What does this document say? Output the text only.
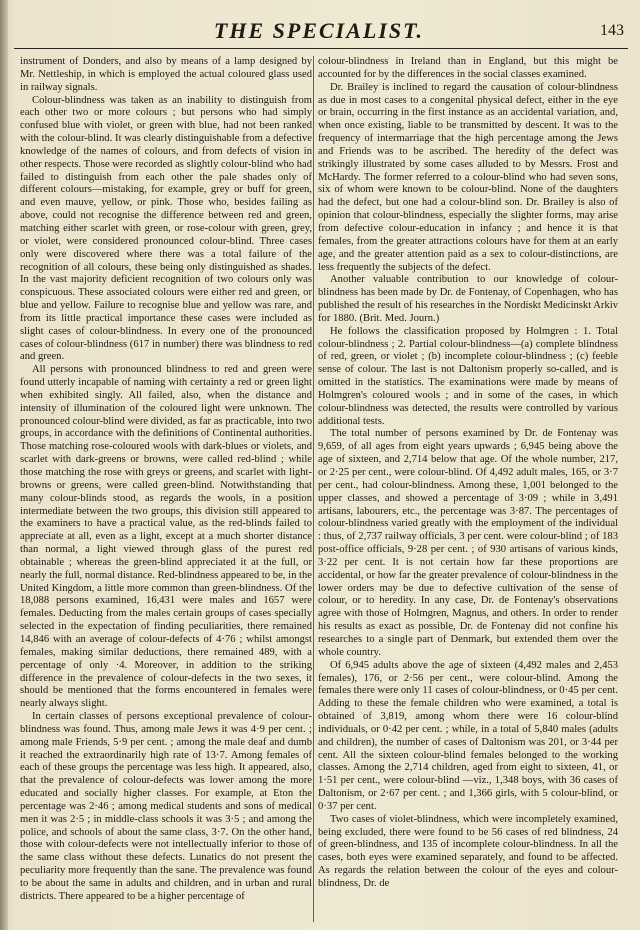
THE SPECIALIST.	143

instrument of Donders, and also by means of a lamp designed by Mr. Nettleship, in which is employed the actual coloured glass used in railway signals.

Colour-blindness was taken as an inability to distinguish from each other two or more colours ; but persons who had simply confused blue with violet, or green with blue, had not been ranked with the colour-blind. It was clearly distinguishable from a defective knowledge of the names of colours, and from defects of vision in other respects. Those were recorded as slightly colour-blind who had failed to distinguish from each other the pale shades only of different colours—mistaking, for example, grey or buff for green, and even mauve, yellow, or pink. Those who, besides failing as above, could not recognise the difference between red and green, matching either scarlet with green, or rose-colour with green, grey, or violet, were considered pronounced colour-blind. Three cases only were discovered where there was a total failure of the recognition of all colours, these being only distinguished as shades. In the vast majority deficient recognition of two colours only was conspicuous. These associated colours were either red and green, or blue and yellow. Failure to recognise blue and yellow was rare, and from its little practical importance these cases were included as slight cases of colour-blindness. In every one of the pronounced cases of colour-blindness (617 in number) there was blindness to red and green.

All persons with pronounced blindness to red and green were found utterly incapable of naming with certainty a red or green light when exhibited singly. All failed, also, when the distance and intensity of illumination of the coloured light were unknown. The pronounced colour-blind were divided, as far as practicable, into two groups, in accordance with the definitions of Continental authorities. Those matching rose-coloured wools with dark-blues or violets, and scarlet with dark-greens or browns, were called red-blind ; while those matching the rose with greys or greens, and scarlet with light-browns or greens, were called green-blind. Notwithstanding that many colour-blinds stood, as regards the wools, in a position intermediate between the two groups, this division still appeared to the examiners to have a practical value, as the red-blinds failed to appreciate at all, even as a light, except at a much shorter distance than normal, a light viewed through glass of the purest red obtainable ; whereas the green-blind appreciated it at the full, or nearly the full, normal distance. Red-blindness appeared to be, in the United Kingdom, a little more common than green-blindness. Of the 18,088 persons examined, 16,431 were males and 1657 were females. Deducting from the males certain groups of cases specially selected in the expectation of finding peculiarities, there remained 14,846 with an average of colour-defects of 4·76 ; whilst amongst females, making similar deductions, there remained 489, with a percentage of only ·4. Moreover, in addition to the striking difference in the prevalence of colour-defects in the two sexes, it should be mentioned that the forms encountered in females were nearly always slight.

In certain classes of persons exceptional prevalence of colour-blindness was found. Thus, among male Jews it was 4·9 per cent. ; among male Friends, 5·9 per cent. ; among the male deaf and dumb it reached the extraordinarily high rate of 13·7. Among females of each of these groups the percentage was less high. It appeared, also, that the prevalence of colour-defects was lower among the more educated and socially higher classes. For example, at Eton the percentage was 2·46 ; among medical students and sons of medical men it was 2·5 ; in middle-class schools it was 3·5 ; and among the police, and schools of about the same class, 3·7. On the other hand, those with colour-defects were not intellectually inferior to those of the same class without these defects. Lunatics do not present the peculiarity more frequently than the sane. The prevalence was found to be about the same in adults and children, and in urban and rural districts. There appeared to be a higher percentage of

colour-blindness in Ireland than in England, but this might be accounted for by the differences in the social classes examined.

Dr. Brailey is inclined to regard the causation of colour-blindness as due in most cases to a congenital physical defect, either in the eye or brain, occurring in the first instance as an accidental variation, and, when once existing, liable to be transmitted by descent. It was to the frequency of intermarriage that the high percentage among the Jews and Friends was to be ascribed. The heredity of the defect was strikingly illustrated by some cases alluded to by Messrs. Frost and McHardy. The former referred to a colour-blind who had seven sons, six of whom were known to be colour-blind. None of the daughters had the defect, but one had a colour-blind son. Dr. Brailey is also of opinion that colour-blindness, especially the slighter forms, may arise from defective colour-education in infancy ; and hence it is that females, from the greater attractions colours have for them at an early age, and the greater attention paid as a sex to colour-distinctions, are less frequently the subjects of the defect.

Another valuable contribution to our knowledge of colour-blindness has been made by Dr. de Fontenay, of Copenhagen, who has published the result of his researches in the Nordiskt Medicinskt Arkiv for 1880. (Brit. Med. Journ.)

He follows the classification proposed by Holmgren : 1. Total colour-blindness ; 2. Partial colour-blindness—(a) complete blindness of red, green, or violet ; (b) incomplete colour-blindness ; (c) feeble sense of colour. The last is not Daltonism properly so-called, and is omitted in the statistics. The examinations were made by means of Holmgren's coloured wools ; and in some of the cases, in which colour-blindness was detected, the results were controlled by various additional tests.

The total number of persons examined by Dr. de Fontenay was 9,659, of all ages from eight years upwards ; 6,945 being above the age of sixteen, and 2,714 below that age. Of the whole number, 217, or 2·25 per cent., were colour-blind. Of 4,492 adult males, 165, or 3·7 per cent., had colour-blindness. Among these, 1,001 belonged to the upper classes, and showed a percentage of 3·09 ; while in 3,491 artisans, labourers, etc., the percentage was 3·87. The percentages of colour-blindness varied greatly with the employment of the individual : thus, of 2,737 railway officials, 3 per cent. were colour-blind ; of 183 post-office officials, 9·28 per cent. ; of 930 artisans of various kinds, 3·22 per cent. It is not certain how far these proportions are accidental, or how far the greater prevalence of colour-blindness in the lower orders may be due to defective cultivation of the sense of colour, or to heredity. In any case, Dr. de Fontenay's observations agree with those of Holmgren, Magnus, and others. In order to render his results as exact as possible, Dr. de Fontenay did not confine his researches to a single part of Denmark, but extended them over the whole country.

Of 6,945 adults above the age of sixteen (4,492 males and 2,453 females), 176, or 2·56 per cent., were colour-blind. Among the females there were only 11 cases of colour-blindness, or 0·45 per cent. Adding to these the female children who were examined, a total is obtained of 3,819, among whom there were 16 colour-blind individuals, or 0·42 per cent. ; while, in a total of 5,840 males (adults and children), the number of cases of Daltonism was 201, or 3·44 per cent. All the sixteen colour-blind females belonged to the working classes. Among the 2,714 children, aged from eight to sixteen, 41, or 1·51 per cent., were colour-blind —viz., 1,348 boys, with 36 cases of Daltonism, or 2·67 per cent. ; and 1,366 girls, with 5 colour-blind, or 0·37 per cent.

Two cases of violet-blindness, which were incompletely examined, being excluded, there were found to be 56 cases of red blindness, 24 of green-blindness, and 135 of incomplete colour-blindness. In all the cases, both eyes were examined separately, and found to be affected. As regards the relation between the colour of the eyes and colour-blindness, Dr. de
